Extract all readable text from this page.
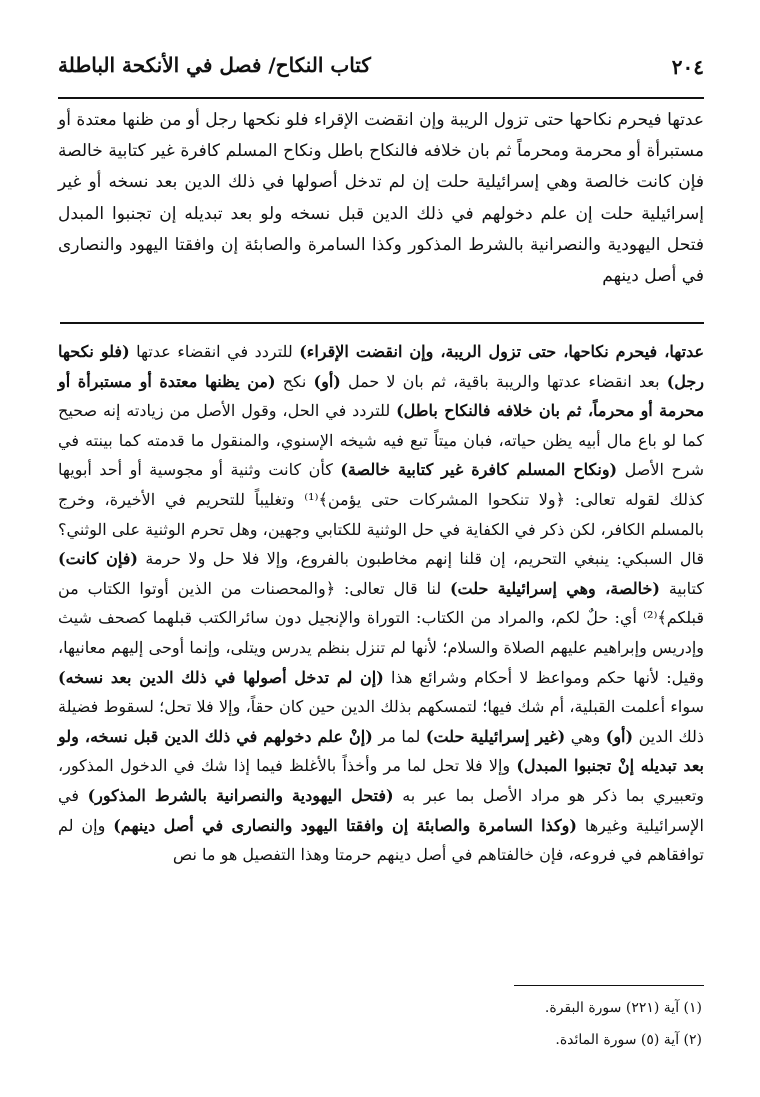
٢٠٤
كتاب النكاح/ فصل في الأنكحة الباطلة

عدتها فيحرم نكاحها حتى تزول الريبة وإن انقضت الإقراء فلو نكحها رجل أو من ظنها معتدة أو مستبرأة أو محرمة ومحرماً ثم بان خلافه فالنكاح باطل ونكاح المسلم كافرة غير كتابية خالصة فإن كانت خالصة وهي إسرائيلية حلت إن لم تدخل أصولها في ذلك الدين بعد نسخه أو غير إسرائيلية حلت إن علم دخولهم في ذلك الدين قبل نسخه ولو بعد تبديله إن تجنبوا المبدل فتحل اليهودية والنصرانية بالشرط المذكور وكذا السامرة والصابئة إن وافقتا اليهود والنصارى في أصل دينهم

عدتها، فيحرم نكاحها، حتى تزول الريبة، وإن انقضت الإقراء) للتردد في انقضاء عدتها (فلو نكحها رجل) بعد انقضاء عدتها والريبة باقية، ثم بان لا حمل (أو) نكح (من يظنها معتدة أو مستبرأة أو محرمة أو محرماً، ثم بان خلافه فالنكاح باطل) للتردد في الحل، وقول الأصل من زيادته إنه صحيح كما لو باع مال أبيه يظن حياته، فبان ميتاً تبع فيه شيخه الإسنوي، والمنقول ما قدمته كما بينته في شرح الأصل (ونكاح المسلم كافرة غير كتابية خالصة) كأن كانت وثنية أو مجوسية أو أحد أبويها كذلك لقوله تعالى: ﴿ولا تنكحوا المشركات حتى يؤمن﴾⁽¹⁾ وتغليباً للتحريم في الأخيرة، وخرج بالمسلم الكافر، لكن ذكر في الكفاية في حل الوثنية للكتابي وجهين، وهل تحرم الوثنية على الوثني؟ قال السبكي: ينبغي التحريم، إن قلنا إنهم مخاطبون بالفروع، وإلا فلا حل ولا حرمة (فإن كانت) كتابية (خالصة، وهي إسرائيلية حلت) لنا قال تعالى: ﴿والمحصنات من الذين أوتوا الكتاب من قبلكم﴾⁽²⁾ أي: حلٌ لكم، والمراد من الكتاب: التوراة والإنجيل دون سائرالكتب قبلهما كصحف شيث وإدريس وإبراهيم عليهم الصلاة والسلام؛ لأنها لم تنزل بنظم يدرس ويتلى، وإنما أوحى إليهم معانيها، وقيل: لأنها حكم ومواعظ لا أحكام وشرائع هذا (إن لم تدخل أصولها في ذلك الدين بعد نسخه) سواء أعلمت القبلية، أم شك فيها؛ لتمسكهم بذلك الدين حين كان حقاً، وإلا فلا تحل؛ لسقوط فضيلة ذلك الدين (أو) وهي (غير إسرائيلية حلت) لما مر (إنْ علم دخولهم في ذلك الدين قبل نسخه، ولو بعد تبديله إنْ تجنبوا المبدل) وإلا فلا تحل لما مر وأخذاً بالأغلظ فيما إذا شك في الدخول المذكور، وتعبيري بما ذكر هو مراد الأصل بما عبر به (فتحل اليهودية والنصرانية بالشرط المذكور) في الإسرائيلية وغيرها (وكذا السامرة والصابئة إن وافقتا اليهود والنصارى في أصل دينهم) وإن لم توافقاهم في فروعه، فإن خالفتاهم في أصل دينهم حرمتا وهذا التفصيل هو ما نص

(١) آية (٢٢١) سورة البقرة.
(٢) آية (٥) سورة المائدة.
